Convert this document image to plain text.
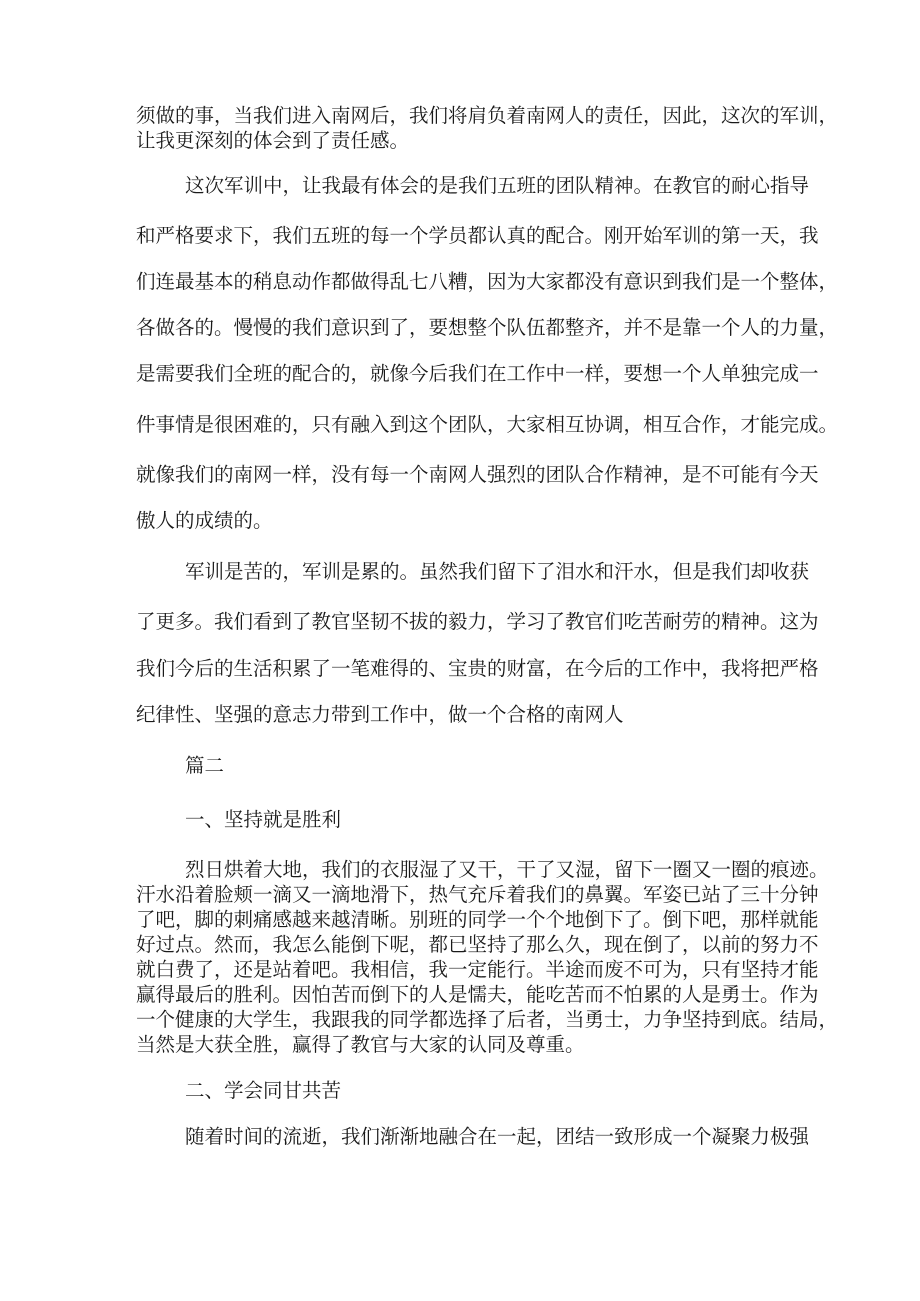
须做的事，当我们进入南网后，我们将肩负着南网人的责任，因此，这次的军训，

让我更深刻的体会到了责任感。

这次军训中，让我最有体会的是我们五班的团队精神。在教官的耐心指导

和严格要求下，我们五班的每一个学员都认真的配合。刚开始军训的第一天，我

们连最基本的稍息动作都做得乱七八糟，因为大家都没有意识到我们是一个整体，

各做各的。慢慢的我们意识到了，要想整个队伍都整齐，并不是靠一个人的力量，

是需要我们全班的配合的，就像今后我们在工作中一样，要想一个人单独完成一

件事情是很困难的，只有融入到这个团队，大家相互协调，相互合作，才能完成。

就像我们的南网一样，没有每一个南网人强烈的团队合作精神，是不可能有今天

傲人的成绩的。

军训是苦的，军训是累的。虽然我们留下了泪水和汗水，但是我们却收获

了更多。我们看到了教官坚韧不拔的毅力，学习了教官们吃苦耐劳的精神。这为

我们今后的生活积累了一笔难得的、宝贵的财富，在今后的工作中，我将把严格

纪律性、坚强的意志力带到工作中，做一个合格的南网人

篇二

一、坚持就是胜利

烈日烘着大地，我们的衣服湿了又干，干了又湿，留下一圈又一圈的痕迹。

汗水沿着脸颊一滴又一滴地滑下，热气充斥着我们的鼻翼。军姿已站了三十分钟

了吧，脚的刺痛感越来越清晰。别班的同学一个个地倒下了。倒下吧，那样就能

好过点。然而，我怎么能倒下呢，都已坚持了那么久，现在倒了，以前的努力不

就白费了，还是站着吧。我相信，我一定能行。半途而废不可为，只有坚持才能

赢得最后的胜利。因怕苦而倒下的人是懦夫，能吃苦而不怕累的人是勇士。作为

一个健康的大学生，我跟我的同学都选择了后者，当勇士，力争坚持到底。结局，

当然是大获全胜，赢得了教官与大家的认同及尊重。

二、学会同甘共苦

随着时间的流逝，我们渐渐地融合在一起，团结一致形成一个凝聚力极强
